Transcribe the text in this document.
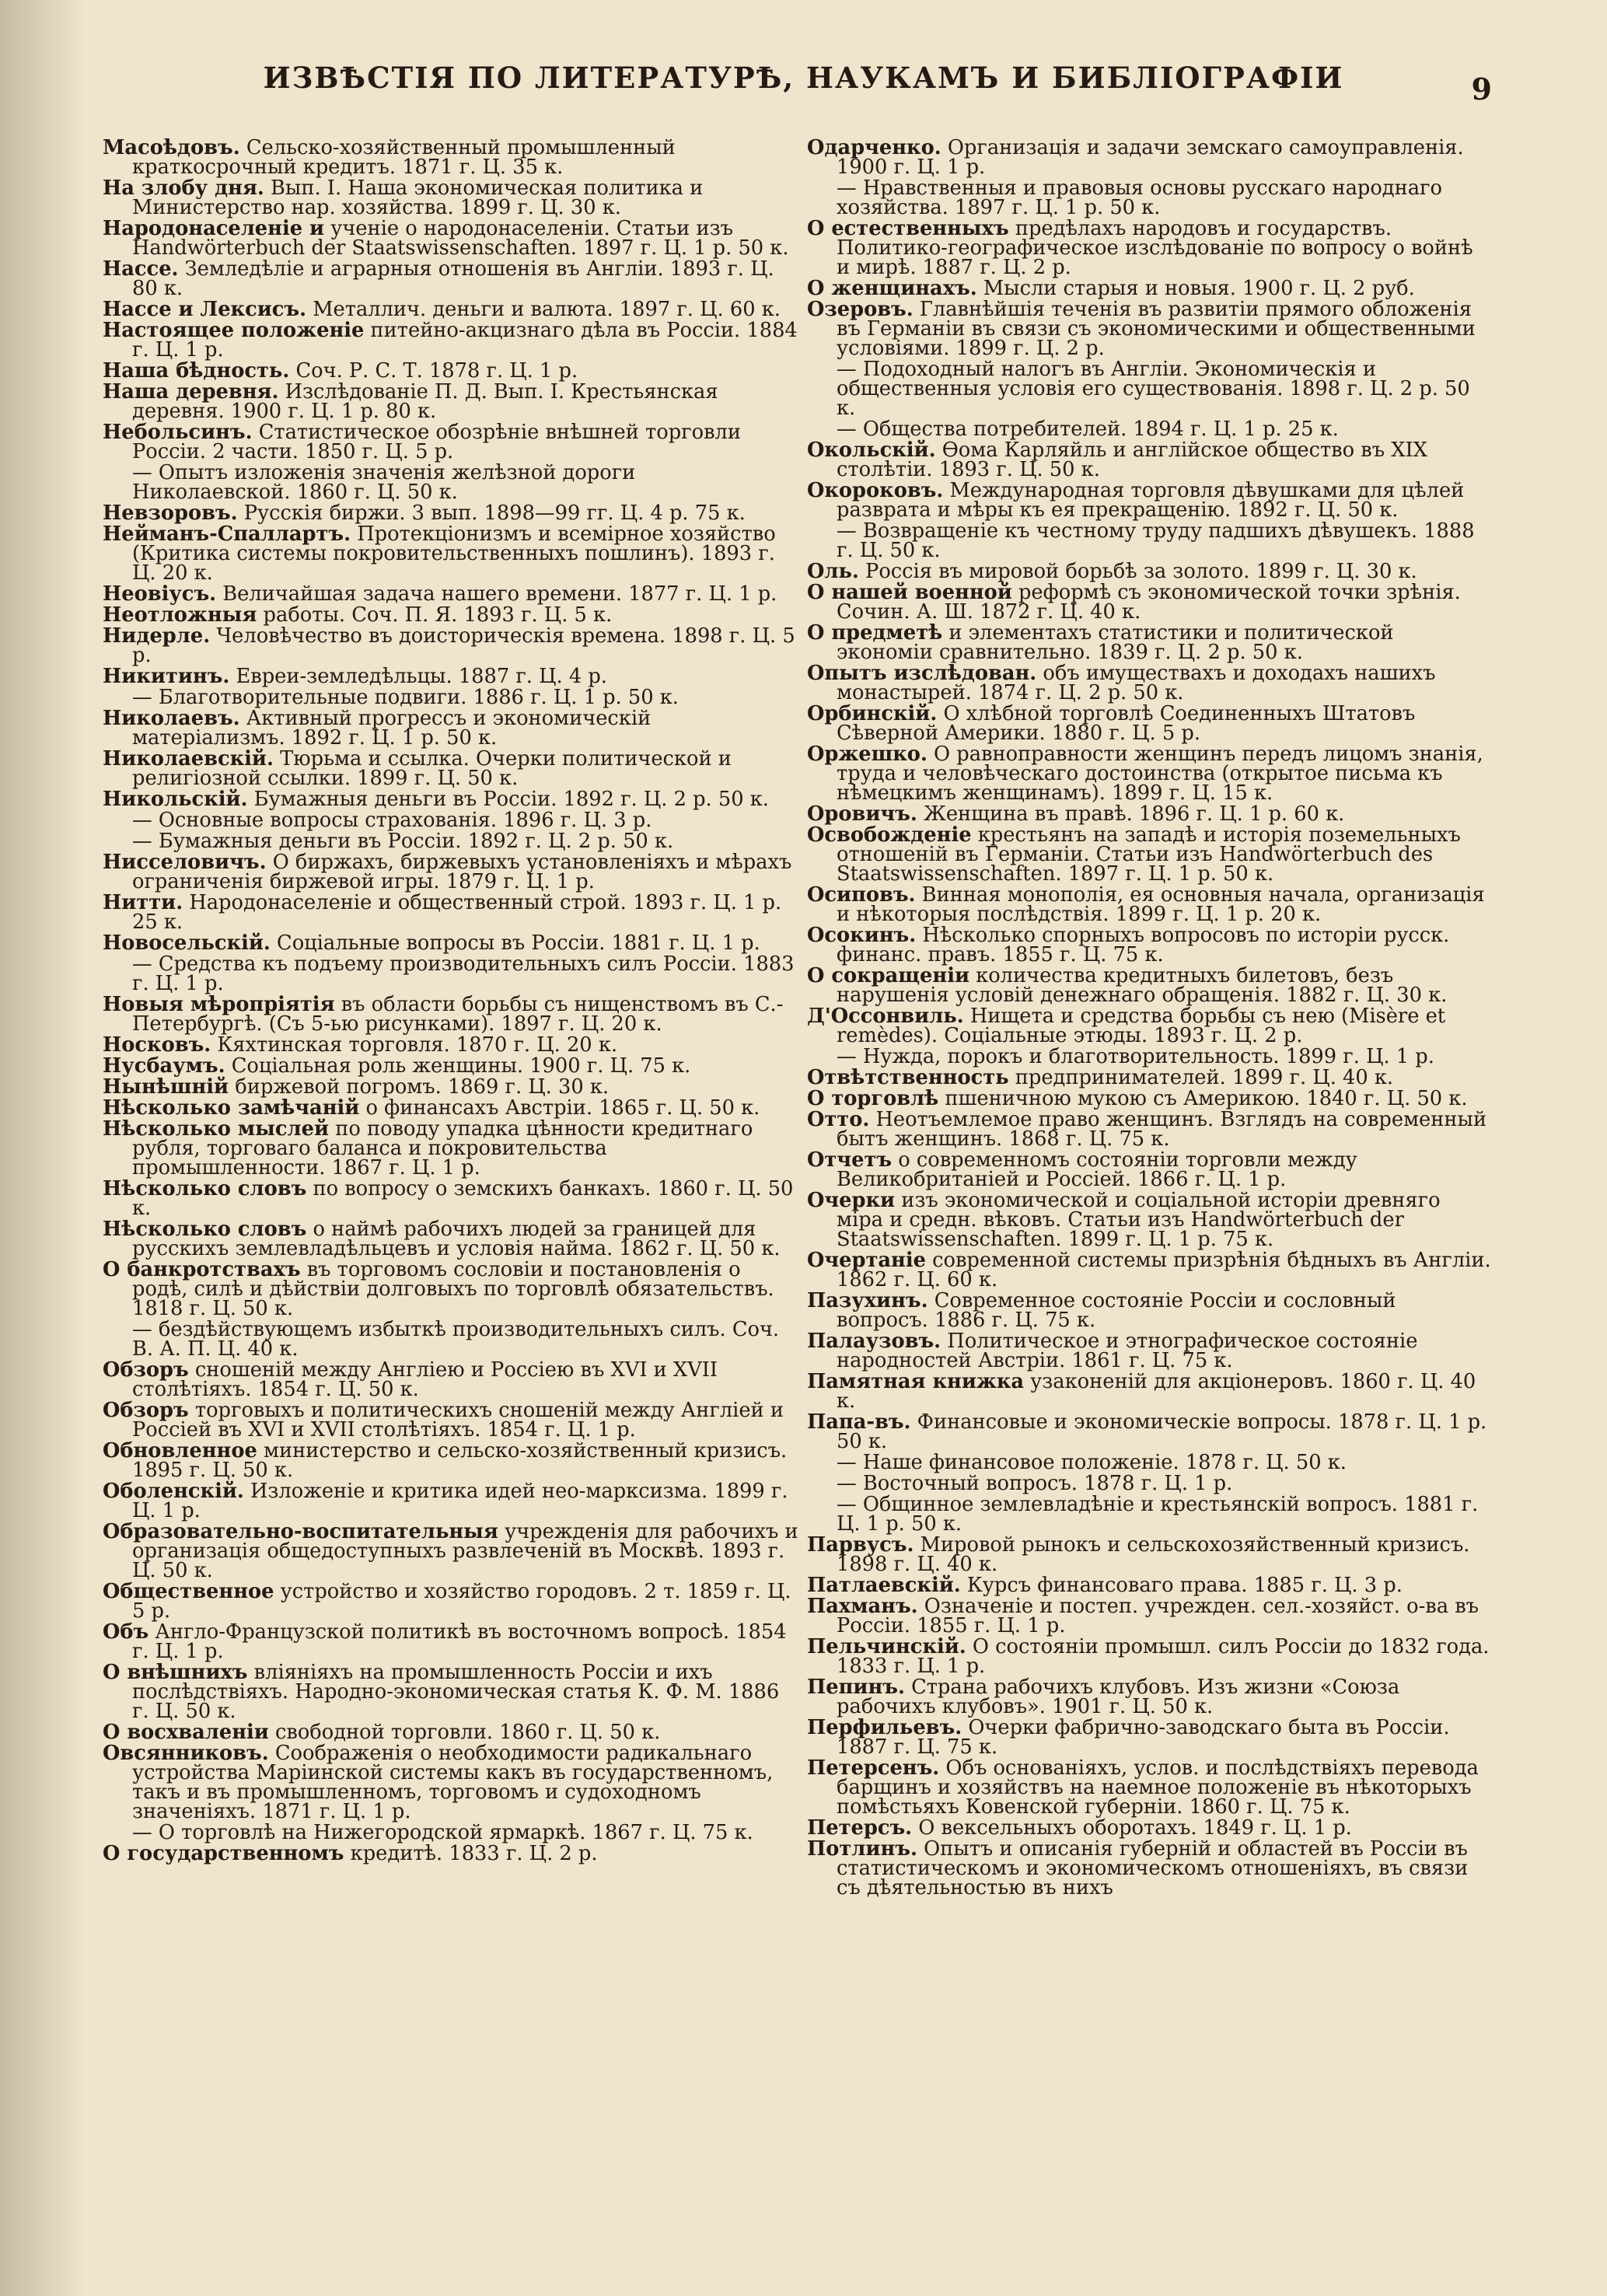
ИЗВѢСТІЯ ПО ЛИТЕРАТУРѢ, НАУКАМЪ И БИБЛІОГРАФІИ	9
Масоѣдовъ. Сельско-хозяйственный промышленный краткосрочный кредитъ. 1871 г. Ц. 35 к.
На злобу дня. Вып. I. Наша экономическая политика и Министерство нар. хозяйства. 1899 г. Ц. 30 к.
Народонаселеніе и ученіе о народонаселеніи. Статьи изъ Handwörterbuch der Staatswissenschaften. 1897 г. Ц. 1 р. 50 к.
Нассе. Земледѣліе и аграрныя отношенія въ Англіи. 1893 г. Ц. 80 к.
Нассе и Лексисъ. Металлич. деньги и валюта. 1897 г. Ц. 60 к.
Настоящее положеніе питейно-акцизнаго дѣла въ Россіи. 1884 г. Ц. 1 р.
Наша бѣдность. Соч. Р. С. Т. 1878 г. Ц. 1 р.
Наша деревня. Изслѣдованіе П. Д. Вып. I. Крестьянская деревня. 1900 г. Ц. 1 р. 80 к.
Небольсинъ. Статистическое обозрѣніе внѣшней торговли Россіи. 2 части. 1850 г. Ц. 5 р.
— Опытъ изложенія значенія желѣзной дороги Николаевской. 1860 г. Ц. 50 к.
Невзоровъ. Русскія биржи. 3 вып. 1898—99 гг. Ц. 4 р. 75 к.
Нейманъ-Спаллартъ. Протекціонизмъ и всемірное хозяйство (Критика системы покровительственныхъ пошлинъ). 1893 г. Ц. 20 к.
Неовіусъ. Величайшая задача нашего времени. 1877 г. Ц. 1 р.
Неотложныя работы. Соч. П. Я. 1893 г. Ц. 5 к.
Нидерле. Человѣчество въ доисторическія времена. 1898 г. Ц. 5 р.
Никитинъ. Евреи-земледѣльцы. 1887 г. Ц. 4 р.
— Благотворительные подвиги. 1886 г. Ц. 1 р. 50 к.
Николаевъ. Активный прогрессъ и экономическій матеріализмъ. 1892 г. Ц. 1 р. 50 к.
Николаевскій. Тюрьма и ссылка. Очерки политической и религіозной ссылки. 1899 г. Ц. 50 к.
Никольскій. Бумажныя деньги въ Россіи. 1892 г. Ц. 2 р. 50 к.
— Основные вопросы страхованія. 1896 г. Ц. 3 р.
— Бумажныя деньги въ Россіи. 1892 г. Ц. 2 р. 50 к.
Нисселовичъ. О биржахъ, биржевыхъ установленіяхъ и мѣрахъ ограниченія биржевой игры. 1879 г. Ц. 1 р.
Нитти. Народонаселеніе и общественный строй. 1893 г. Ц. 1 р. 25 к.
Новосельскій. Соціальные вопросы въ Россіи. 1881 г. Ц. 1 р.
— Средства къ подъему производительныхъ силъ Россіи. 1883 г. Ц. 1 р.
Новыя мѣропріятія въ области борьбы съ нищенствомъ въ С.-Петербургѣ. (Съ 5-ью рисунками). 1897 г. Ц. 20 к.
Носковъ. Кяхтинская торговля. 1870 г. Ц. 20 к.
Нусбаумъ. Соціальная роль женщины. 1900 г. Ц. 75 к.
Нынѣшній биржевой погромъ. 1869 г. Ц. 30 к.
Нѣсколько замѣчаній о финансахъ Австріи. 1865 г. Ц. 50 к.
Нѣсколько мыслей по поводу упадка цѣнности кредитнаго рубля, торговаго баланса и покровительства промышленности. 1867 г. Ц. 1 р.
Нѣсколько словъ по вопросу о земскихъ банкахъ. 1860 г. Ц. 50 к.
Нѣсколько словъ о наймѣ рабочихъ людей за границей для русскихъ землевладѣльцевъ и условія найма. 1862 г. Ц. 50 к.
О банкротствахъ въ торговомъ сословіи и постановленія о родѣ, силѣ и дѣйствіи долговыхъ по торговлѣ обязательствъ. 1818 г. Ц. 50 к.
— бездѣйствующемъ избыткѣ производительныхъ силъ. Соч. В. А. П. Ц. 40 к.
Обзоръ сношеній между Англіею и Россіею въ XVI и XVII столѣтіяхъ. 1854 г. Ц. 50 к.
Обзоръ торговыхъ и политическихъ сношеній между Англіей и Россіей въ XVI и XVII столѣтіяхъ. 1854 г. Ц. 1 р.
Обновленное министерство и сельско-хозяйственный кризисъ. 1895 г. Ц. 50 к.
Оболенскій. Изложеніе и критика идей нео-марксизма. 1899 г. Ц. 1 р.
Образовательно-воспитательныя учрежденія для рабочихъ и организація общедоступныхъ развлеченій въ Москвѣ. 1893 г. Ц. 50 к.
Общественное устройство и хозяйство городовъ. 2 т. 1859 г. Ц. 5 р.
Объ Англо-Французской политикѣ въ восточномъ вопросѣ. 1854 г. Ц. 1 р.
О внѣшнихъ вліяніяхъ на промышленность Россіи и ихъ послѣдствіяхъ. Народно-экономическая статья К. Ф. М. 1886 г. Ц. 50 к.
О восхваленіи свободной торговли. 1860 г. Ц. 50 к.
Овсянниковъ. Соображенія о необходимости радикальнаго устройства Маріинской системы какъ въ государственномъ, такъ и въ промышленномъ, торговомъ и судоходномъ значеніяхъ. 1871 г. Ц. 1 р.
— О торговлѣ на Нижегородской ярмаркѣ. 1867 г. Ц. 75 к.
О государственномъ кредитѣ. 1833 г. Ц. 2 р.
Одарченко. Организація и задачи земскаго самоуправленія. 1900 г. Ц. 1 р.
— Нравственныя и правовыя основы русскаго народнаго хозяйства. 1897 г. Ц. 1 р. 50 к.
О естественныхъ предѣлахъ народовъ и государствъ. Политико-географическое изслѣдованіе по вопросу о войнѣ и мирѣ. 1887 г. Ц. 2 р.
О женщинахъ. Мысли старыя и новыя. 1900 г. Ц. 2 руб.
Озеровъ. Главнѣйшія теченія въ развитіи прямого обложенія въ Германіи въ связи съ экономическими и общественными условіями. 1899 г. Ц. 2 р.
— Подоходный налогъ въ Англіи. Экономическія и общественныя условія его существованія. 1898 г. Ц. 2 р. 50 к.
— Общества потребителей. 1894 г. Ц. 1 р. 25 к.
Окольскій. Ѳома Карляйль и англійское общество въ XIX столѣтіи. 1893 г. Ц. 50 к.
Окороковъ. Международная торговля дѣвушками для цѣлей разврата и мѣры къ ея прекращенію. 1892 г. Ц. 50 к.
— Возвращеніе къ честному труду падшихъ дѣвушекъ. 1888 г. Ц. 50 к.
Оль. Россія въ мировой борьбѣ за золото. 1899 г. Ц. 30 к.
О нашей военной реформѣ съ экономической точки зрѣнія. Сочин. А. Ш. 1872 г. Ц. 40 к.
О предметѣ и элементахъ статистики и политической экономіи сравнительно. 1839 г. Ц. 2 р. 50 к.
Опытъ изслѣдован. объ имуществахъ и доходахъ нашихъ монастырей. 1874 г. Ц. 2 р. 50 к.
Орбинскій. О хлѣбной торговлѣ Соединенныхъ Штатовъ Сѣверной Америки. 1880 г. Ц. 5 р.
Оржешко. О равноправности женщинъ передъ лицомъ знанія, труда и человѣческаго достоинства (открытое письма къ нѣмецкимъ женщинамъ). 1899 г. Ц. 15 к.
Оровичъ. Женщина въ правѣ. 1896 г. Ц. 1 р. 60 к.
Освобожденіе крестьянъ на западѣ и исторія поземельныхъ отношеній въ Германіи. Статьи изъ Handwörterbuch des Staatswissenschaften. 1897 г. Ц. 1 р. 50 к.
Осиповъ. Винная монополія, ея основныя начала, организація и нѣкоторыя послѣдствія. 1899 г. Ц. 1 р. 20 к.
Осокинъ. Нѣсколько спорныхъ вопросовъ по исторіи русск. финанс. правъ. 1855 г. Ц. 75 к.
О сокращеніи количества кредитныхъ билетовъ, безъ нарушенія условій денежнаго обращенія. 1882 г. Ц. 30 к.
Д'Оссонвиль. Нищета и средства борьбы съ нею (Misère et remèdes). Соціальные этюды. 1893 г. Ц. 2 р.
— Нужда, порокъ и благотворительность. 1899 г. Ц. 1 р.
Отвѣтственность предпринимателей. 1899 г. Ц. 40 к.
О торговлѣ пшеничною мукою съ Америкою. 1840 г. Ц. 50 к.
Отто. Неотъемлемое право женщинъ. Взглядъ на современный бытъ женщинъ. 1868 г. Ц. 75 к.
Отчетъ о современномъ состояніи торговли между Великобританіей и Россіей. 1866 г. Ц. 1 р.
Очерки изъ экономической и соціальной исторіи древняго міра и средн. вѣковъ. Статьи изъ Handwörterbuch der Staatswissenschaften. 1899 г. Ц. 1 р. 75 к.
Очертаніе современной системы призрѣнія бѣдныхъ въ Англіи. 1862 г. Ц. 60 к.
Пазухинъ. Современное состояніе Россіи и сословный вопросъ. 1886 г. Ц. 75 к.
Палаузовъ. Политическое и этнографическое состояніе народностей Австріи. 1861 г. Ц. 75 к.
Памятная книжка узаконеній для акціонеровъ. 1860 г. Ц. 40 к.
Папа-въ. Финансовые и экономическіе вопросы. 1878 г. Ц. 1 р. 50 к.
— Наше финансовое положеніе. 1878 г. Ц. 50 к.
— Восточный вопросъ. 1878 г. Ц. 1 р.
— Общинное землевладѣніе и крестьянскій вопросъ. 1881 г. Ц. 1 р. 50 к.
Парвусъ. Мировой рынокъ и сельскохозяйственный кризисъ. 1898 г. Ц. 40 к.
Патлаевскій. Курсъ финансоваго права. 1885 г. Ц. 3 р.
Пахманъ. Означеніе и постеп. учрежден. сел.-хозяйст. о-ва въ Россіи. 1855 г. Ц. 1 р.
Пельчинскій. О состояніи промышл. силъ Россіи до 1832 года. 1833 г. Ц. 1 р.
Пепинъ. Страна рабочихъ клубовъ. Изъ жизни «Союза рабочихъ клубовъ». 1901 г. Ц. 50 к.
Перфильевъ. Очерки фабрично-заводскаго быта въ Россіи. 1887 г. Ц. 75 к.
Петерсенъ. Объ основаніяхъ, услов. и послѣдствіяхъ перевода барщинъ и хозяйствъ на наемное положеніе въ нѣкоторыхъ помѣстьяхъ Ковенской губерніи. 1860 г. Ц. 75 к.
Петерсъ. О вексельныхъ оборотахъ. 1849 г. Ц. 1 р.
Потлинъ. Опытъ и описанія губерній и областей въ Россіи въ статистическомъ и экономическомъ отношеніяхъ, въ связи съ дѣятельностью въ нихъ
